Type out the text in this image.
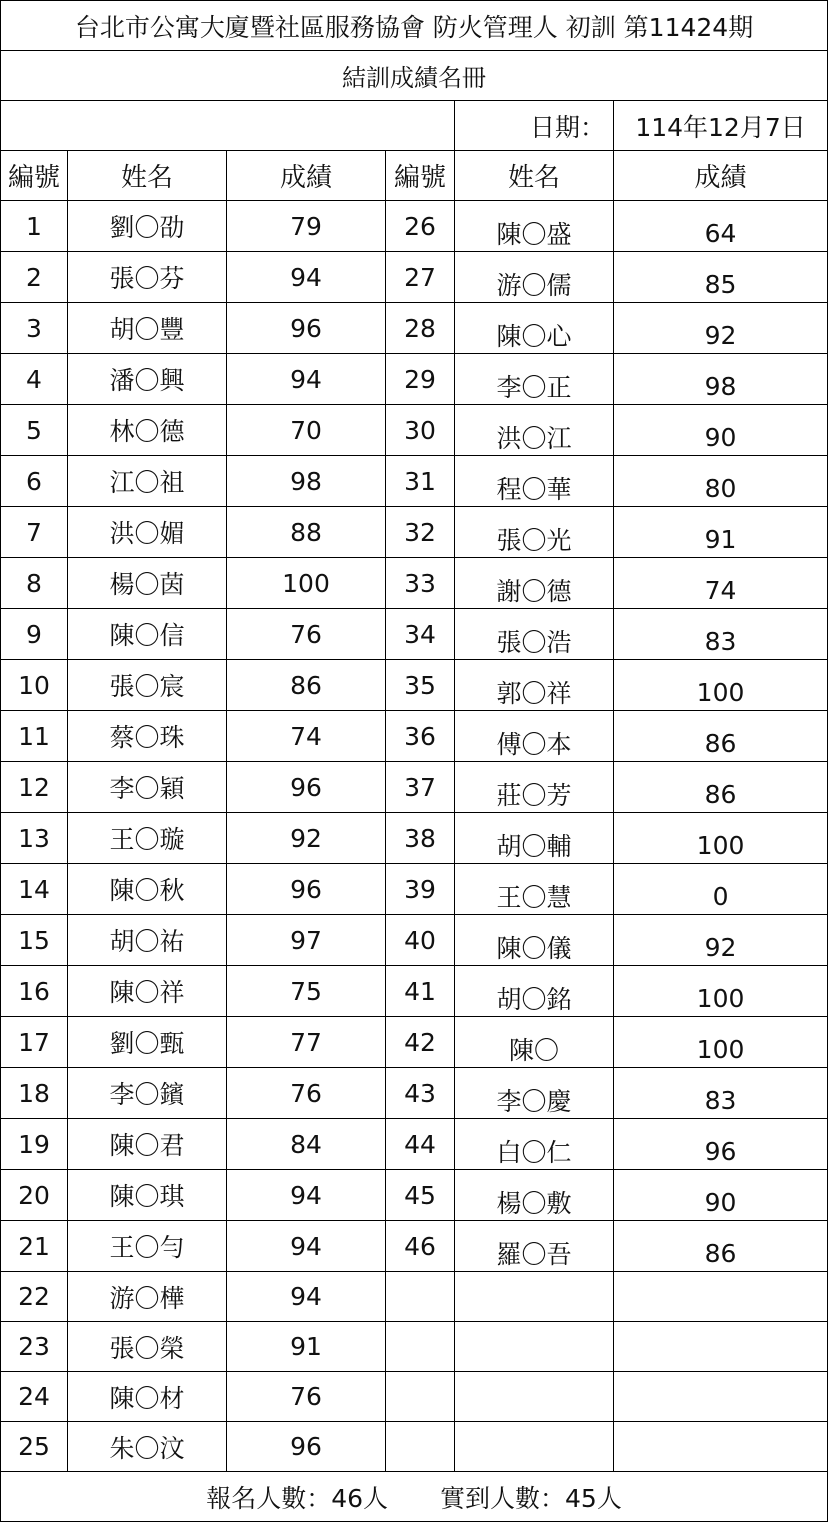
台北市公寓大廈暨社區服務協會 防火管理人 初訓 第11424期					
結訓成績名冊					
				日期：	114年12月7日
編號	姓名	成績	編號	姓名	成績
1	劉〇劭	79	26	陳〇盛	64
2	張〇芬	94	27	游〇儒	85
3	胡〇豐	96	28	陳〇心	92
4	潘〇興	94	29	李〇正	98
5	林〇德	70	30	洪〇江	90
6	江〇祖	98	31	程〇華	80
7	洪〇媚	88	32	張〇光	91
8	楊〇茵	100	33	謝〇德	74
9	陳〇信	76	34	張〇浩	83
10	張〇宸	86	35	郭〇祥	100
11	蔡〇珠	74	36	傅〇本	86
12	李〇穎	96	37	莊〇芳	86
13	王〇璇	92	38	胡〇輔	100
14	陳〇秋	96	39	王〇慧	0
15	胡〇祐	97	40	陳〇儀	92
16	陳〇祥	75	41	胡〇銘	100
17	劉〇甄	77	42	陳〇	100
18	李〇鑌	76	43	李〇慶	83
19	陳〇君	84	44	白〇仁	96
20	陳〇琪	94	45	楊〇敷	90
21	王〇勻	94	46	羅〇吾	86
22	游〇樺	94			
23	張〇榮	91			
24	陳〇材	76			
25	朱〇汶	96			
報名人數：46人 實到人數：45人					
